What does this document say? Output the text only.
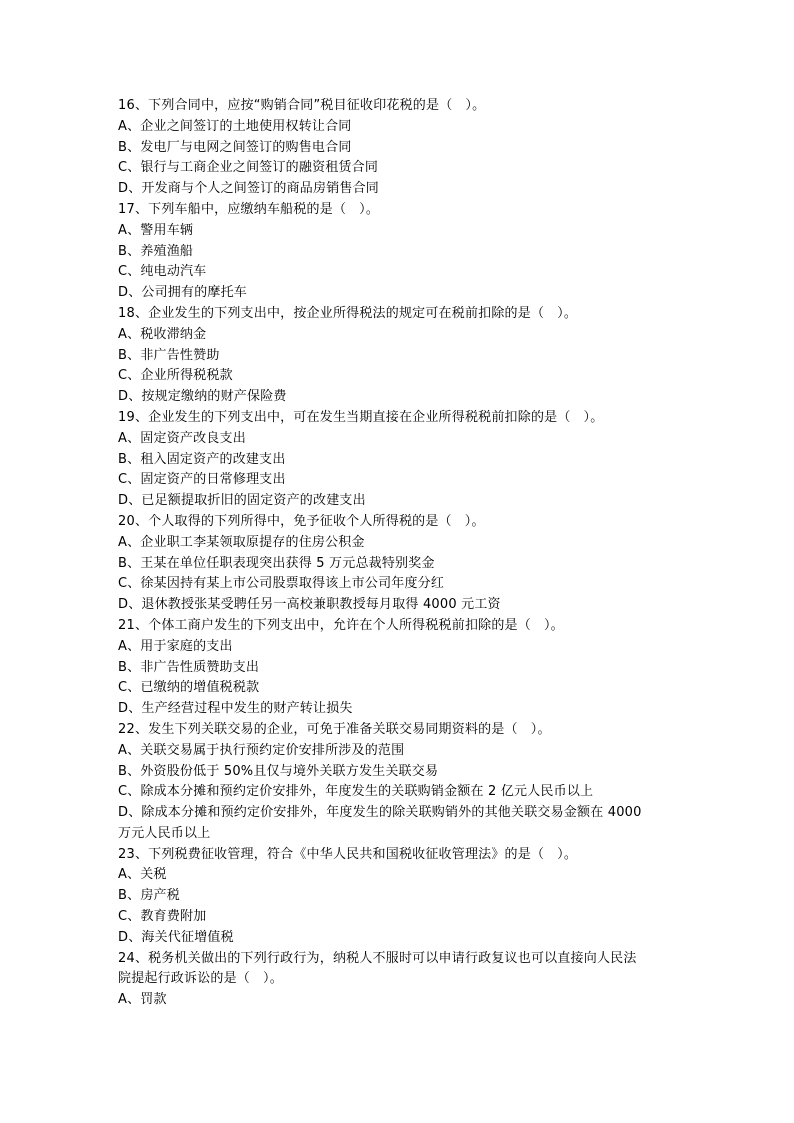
16、下列合同中，应按“购销合同”税目征收印花税的是（   ）。
A、企业之间签订的土地使用权转让合同
B、发电厂与电网之间签订的购售电合同
C、银行与工商企业之间签订的融资租赁合同
D、开发商与个人之间签订的商品房销售合同
17、下列车船中，应缴纳车船税的是（   ）。
A、警用车辆
B、养殖渔船
C、纯电动汽车
D、公司拥有的摩托车
18、企业发生的下列支出中，按企业所得税法的规定可在税前扣除的是（   ）。
A、税收滞纳金
B、非广告性赞助
C、企业所得税税款
D、按规定缴纳的财产保险费
19、企业发生的下列支出中，可在发生当期直接在企业所得税税前扣除的是（   ）。
A、固定资产改良支出
B、租入固定资产的改建支出
C、固定资产的日常修理支出
D、已足额提取折旧的固定资产的改建支出
20、个人取得的下列所得中，免予征收个人所得税的是（   ）。
A、企业职工李某领取原提存的住房公积金
B、王某在单位任职表现突出获得 5 万元总裁特别奖金
C、徐某因持有某上市公司股票取得该上市公司年度分红
D、退休教授张某受聘任另一高校兼职教授每月取得 4000 元工资
21、个体工商户发生的下列支出中，允许在个人所得税税前扣除的是（   ）。
A、用于家庭的支出
B、非广告性质赞助支出
C、已缴纳的增值税税款
D、生产经营过程中发生的财产转让损失
22、发生下列关联交易的企业，可免于准备关联交易同期资料的是（   ）。
A、关联交易属于执行预约定价安排所涉及的范围
B、外资股份低于 50%且仅与境外关联方发生关联交易
C、除成本分摊和预约定价安排外，年度发生的关联购销金额在 2 亿元人民币以上
D、除成本分摊和预约定价安排外，年度发生的除关联购销外的其他关联交易金额在 4000
万元人民币以上
23、下列税费征收管理，符合《中华人民共和国税收征收管理法》的是（   ）。
A、关税
B、房产税
C、教育费附加
D、海关代征增值税
24、税务机关做出的下列行政行为，纳税人不服时可以申请行政复议也可以直接向人民法
院提起行政诉讼的是（   ）。
A、罚款
